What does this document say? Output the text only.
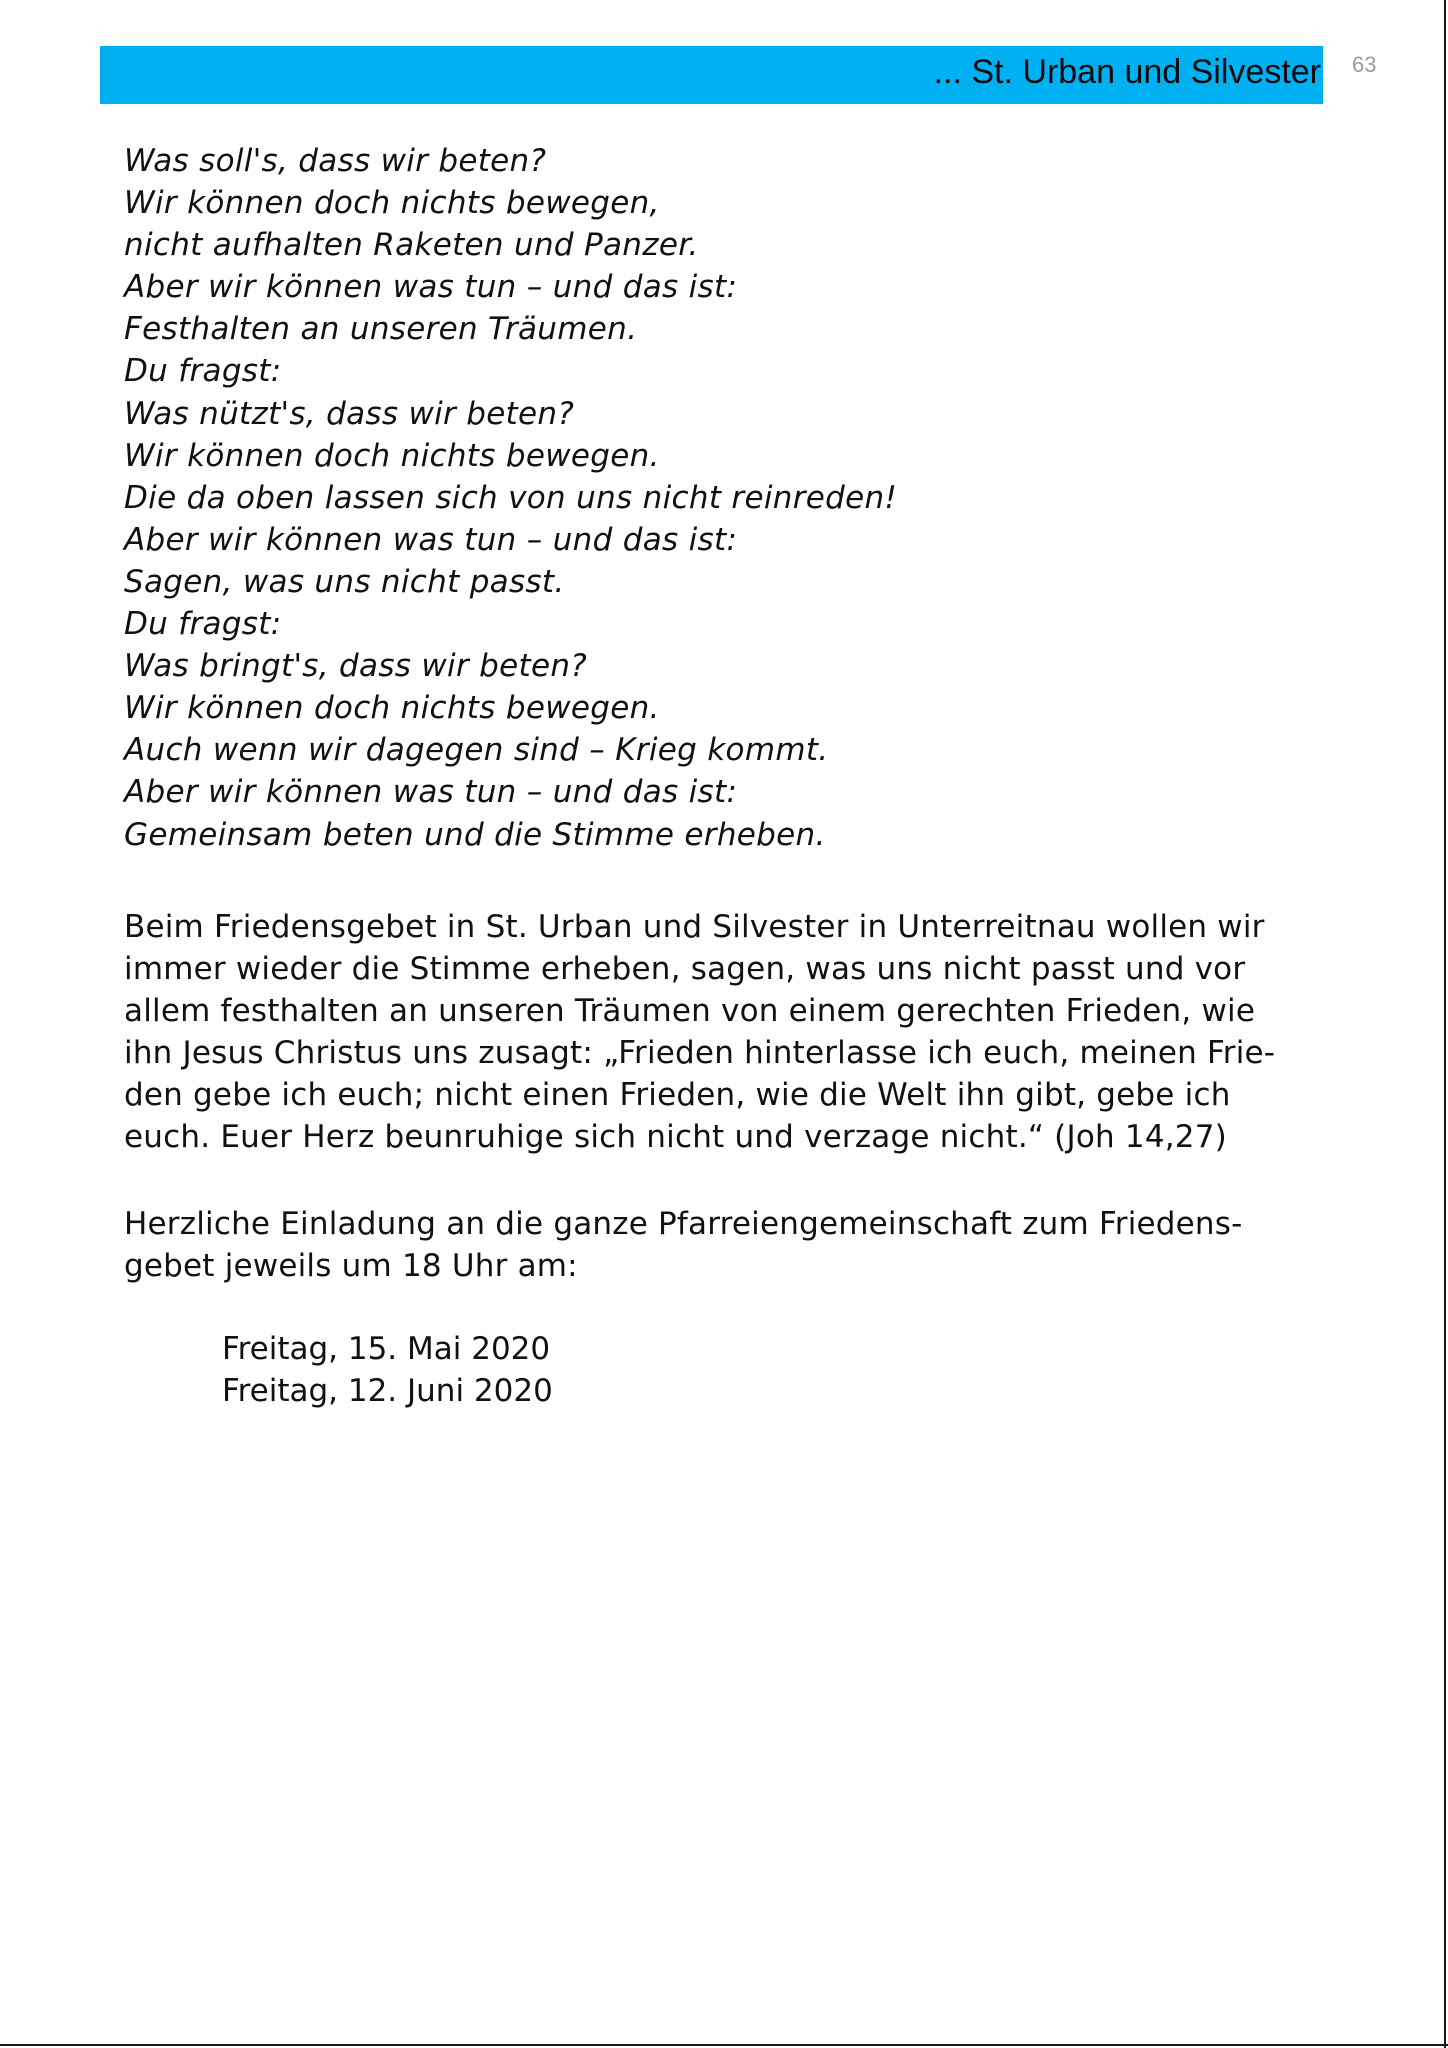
... St. Urban und Silvester 63
Was soll's, dass wir beten?
Wir können doch nichts bewegen,
nicht aufhalten Raketen und Panzer.
Aber wir können was tun – und das ist:
Festhalten an unseren Träumen.
Du fragst:
Was nützt's, dass wir beten?
Wir können doch nichts bewegen.
Die da oben lassen sich von uns nicht reinreden!
Aber wir können was tun – und das ist:
Sagen, was uns nicht passt.
Du fragst:
Was bringt's, dass wir beten?
Wir können doch nichts bewegen.
Auch wenn wir dagegen sind – Krieg kommt.
Aber wir können was tun – und das ist:
Gemeinsam beten und die Stimme erheben.
Beim Friedensgebet in St. Urban und Silvester in Unterreitnau wollen wir
immer wieder die Stimme erheben, sagen, was uns nicht passt und vor
allem festhalten an unseren Träumen von einem gerechten Frieden, wie
ihn Jesus Christus uns zusagt: „Frieden hinterlasse ich euch, meinen Frie-
den gebe ich euch; nicht einen Frieden, wie die Welt ihn gibt, gebe ich
euch. Euer Herz beunruhige sich nicht und verzage nicht.“ (Joh 14,27)
Herzliche Einladung an die ganze Pfarreiengemeinschaft zum Friedens-
gebet jeweils um 18 Uhr am:
Freitag, 15. Mai 2020
Freitag, 12. Juni 2020
